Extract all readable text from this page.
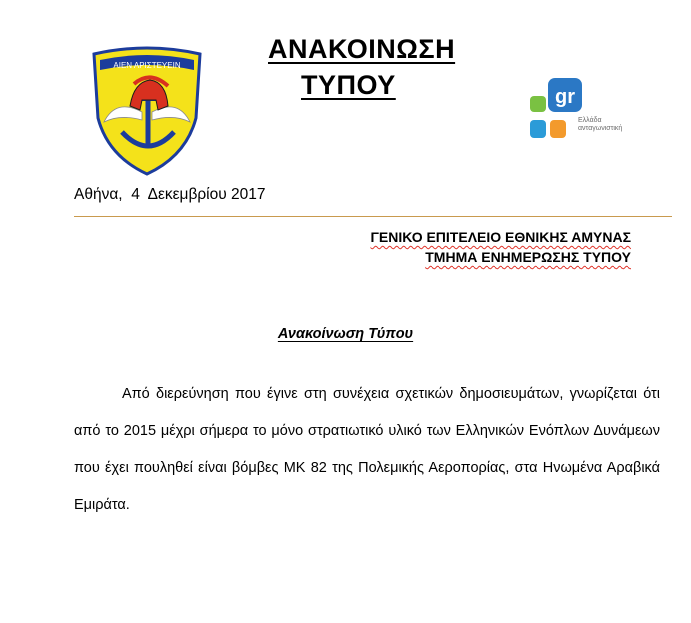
ΑΙΕΝ ΑΡΙΣΤΕΥΕΙΝ
ΑΝΑΚΟΙΝΩΣΗ
ΤΥΠΟΥ	gr
Ελλάδα
ανταγωνιστική
Αθήνα,  4  Δεκεμβρίου 2017
ΓΕΝΙΚΟ ΕΠΙΤΕΛΕΙΟ ΕΘΝΙΚΗΣ ΑΜΥΝΑΣ
ΤΜΗΜΑ ΕΝΗΜΕΡΩΣΗΣ ΤΥΠΟΥ
Ανακοίνωση Τύπου

Από διερεύνηση που έγινε στη συνέχεια σχετικών δημοσιευμάτων, γνωρίζεται ότι από το 2015 μέχρι σήμερα το μόνο στρατιωτικό υλικό των Ελληνικών Ενόπλων Δυνάμεων που έχει πουληθεί είναι βόμβες MK 82 της Πολεμικής Αεροπορίας, στα Ηνωμένα Αραβικά Εμιράτα.
